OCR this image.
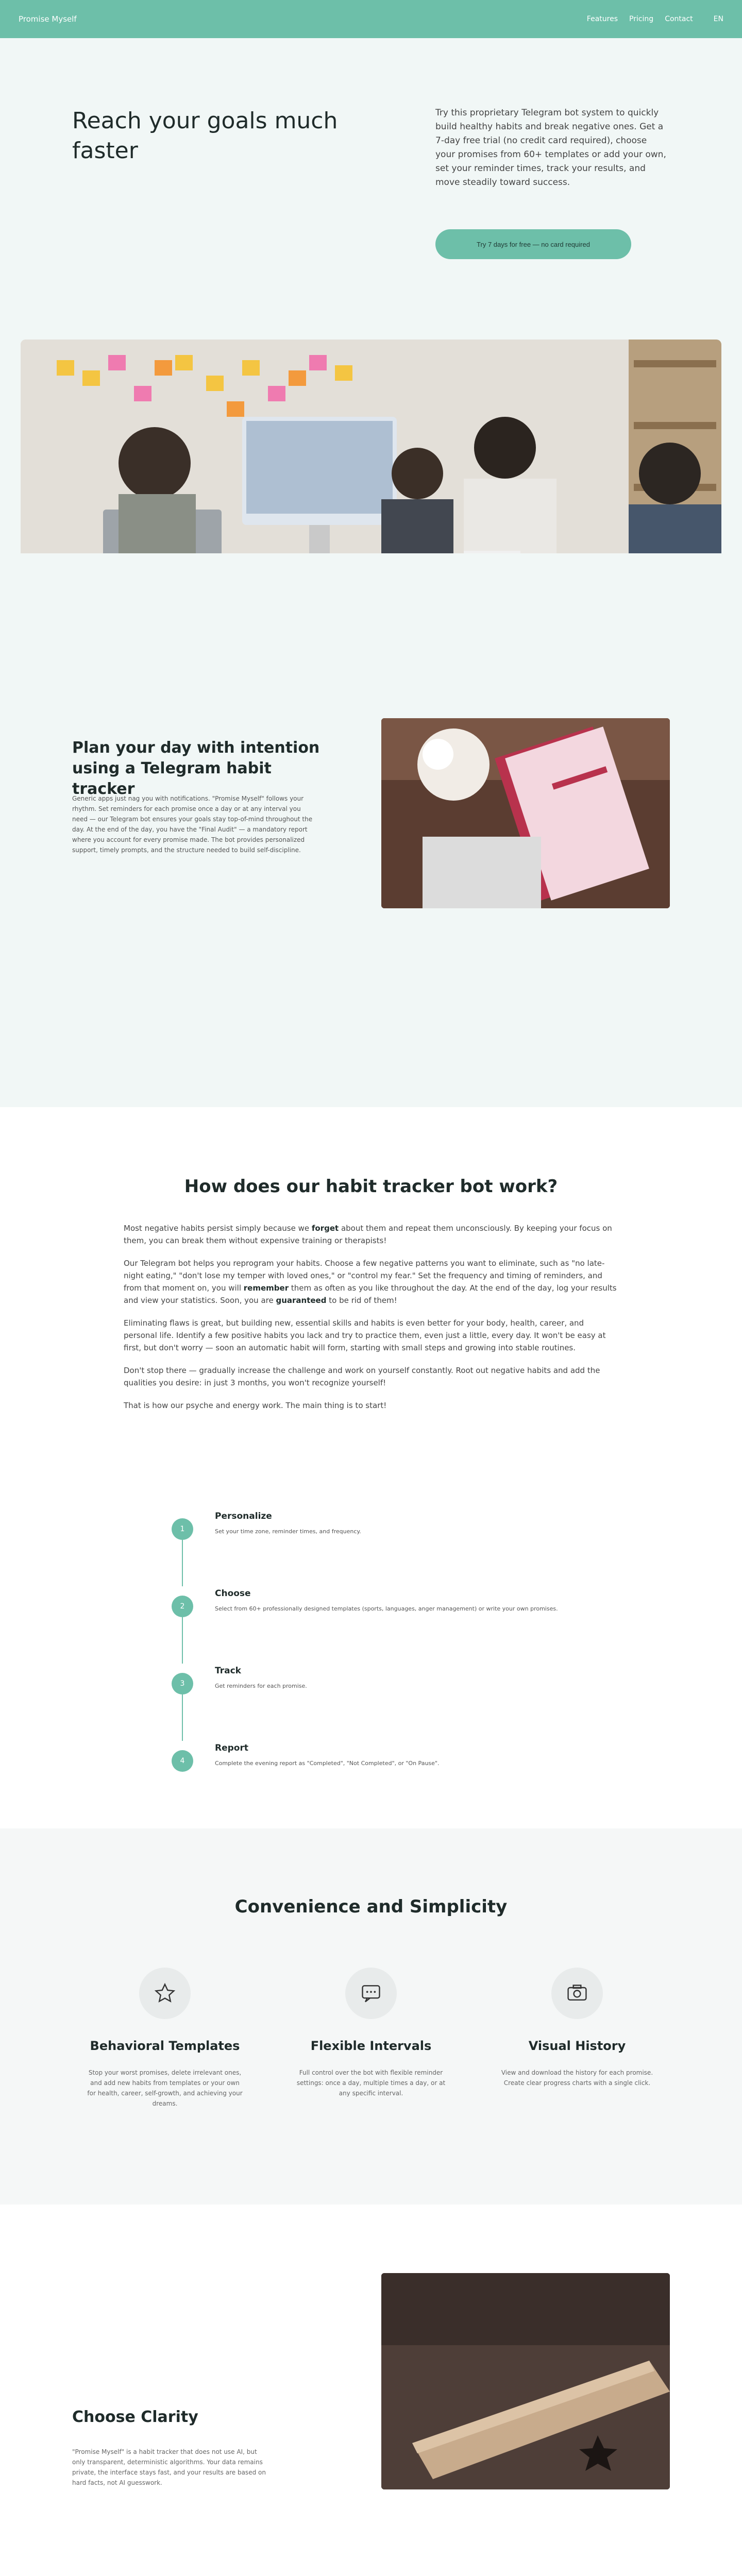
Promise Myself	Features Pricing Contact	EN
Reach your goals much faster

Try this proprietary Telegram bot system to quickly build healthy habits and break negative ones. Get a 7-day free trial (no credit card required), choose your promises from 60+ templates or add your own, set your reminder times, track your results, and move steadily toward success.

Try 7 days for free — no card required
Plan your day with intention using a Telegram habit tracker

Generic apps just nag you with notifications. "Promise Myself" follows your rhythm. Set reminders for each promise once a day or at any interval you need — our Telegram bot ensures your goals stay top-of-mind throughout the day. At the end of the day, you have the "Final Audit" — a mandatory report where you account for every promise made. The bot provides personalized support, timely prompts, and the structure needed to build self-discipline.

How does our habit tracker bot work?

Most negative habits persist simply because we forget about them and repeat them unconsciously. By keeping your focus on them, you can break them without expensive training or therapists!

Our Telegram bot helps you reprogram your habits. Choose a few negative patterns you want to eliminate, such as "no late-night eating," "don't lose my temper with loved ones," or "control my fear." Set the frequency and timing of reminders, and from that moment on, you will remember them as often as you like throughout the day. At the end of the day, log your results and view your statistics. Soon, you are guaranteed to be rid of them!

Eliminating flaws is great, but building new, essential skills and habits is even better for your body, health, career, and personal life. Identify a few positive habits you lack and try to practice them, even just a little, every day. It won't be easy at first, but don't worry — soon an automatic habit will form, starting with small steps and growing into stable routines.

Don't stop there — gradually increase the challenge and work on yourself constantly. Root out negative habits and add the qualities you desire: in just 3 months, you won't recognize yourself!

That is how our psyche and energy work. The main thing is to start!

1
Personalize
Set your time zone, reminder times, and frequency.
2
Choose
Select from 60+ professionally designed templates (sports, languages, anger management) or write your own promises.
3
Track
Get reminders for each promise.
4
Report
Complete the evening report as "Completed", "Not Completed", or "On Pause".
Convenience and Simplicity
Behavioral Templates

Stop your worst promises, delete irrelevant ones, and add new habits from templates or your own for health, career, self-growth, and achieving your dreams.

Flexible Intervals

Full control over the bot with flexible reminder settings: once a day, multiple times a day, or at any specific interval.

Visual History

View and download the history for each promise. Create clear progress charts with a single click.

Choose Clarity

"Promise Myself" is a habit tracker that does not use AI, but only transparent, deterministic algorithms. Your data remains private, the interface stays fast, and your results are based on hard facts, not AI guesswork.
